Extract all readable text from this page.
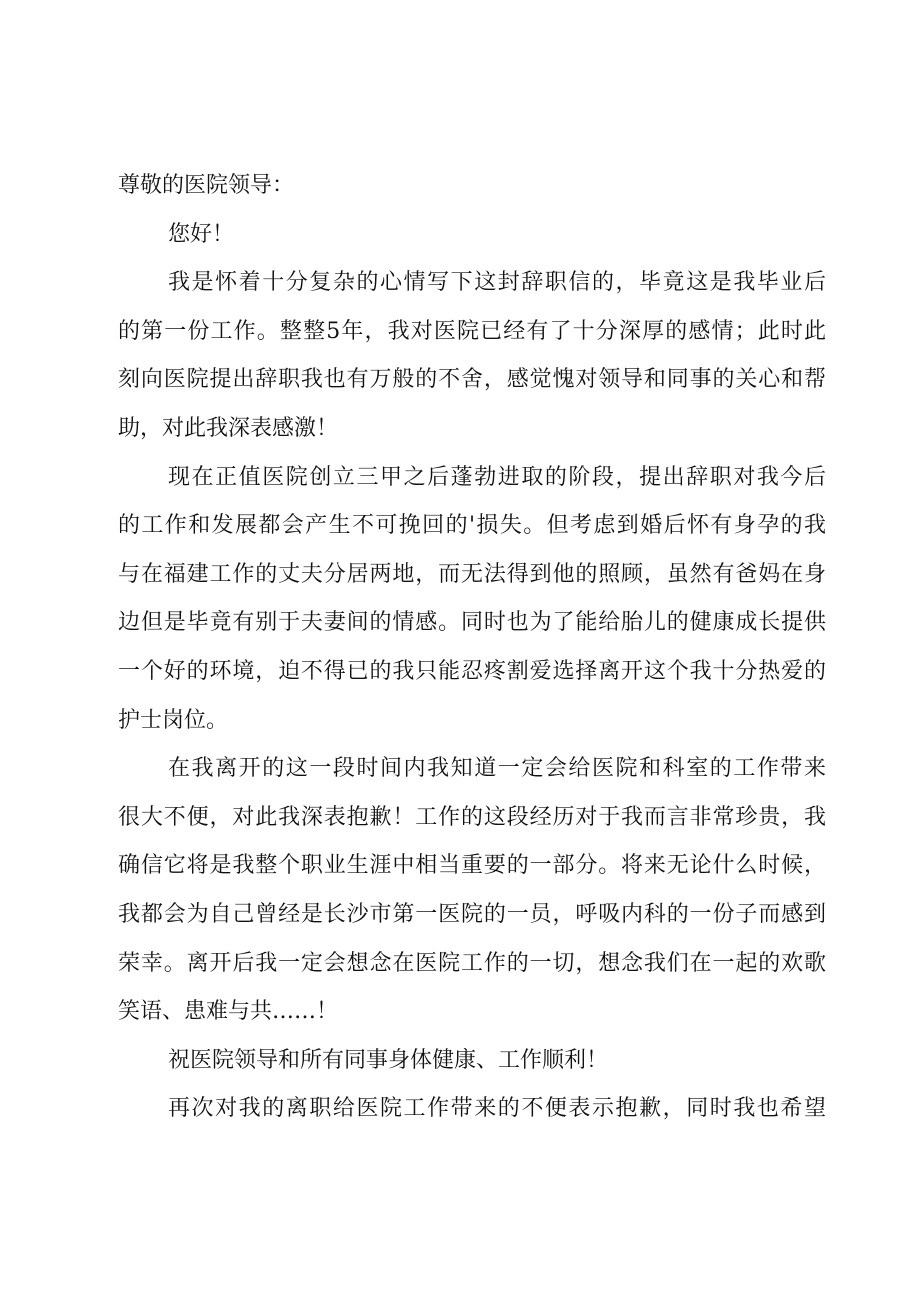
尊敬的医院领导：
您好！
我是怀着十分复杂的心情写下这封辞职信的，毕竟这是我毕业后
的第一份工作。整整5年，我对医院已经有了十分深厚的感情；此时此
刻向医院提出辞职我也有万般的不舍，感觉愧对领导和同事的关心和帮
助，对此我深表感激！
现在正值医院创立三甲之后蓬勃进取的阶段，提出辞职对我今后
的工作和发展都会产生不可挽回的'损失。但考虑到婚后怀有身孕的我
与在福建工作的丈夫分居两地，而无法得到他的照顾，虽然有爸妈在身
边但是毕竟有别于夫妻间的情感。同时也为了能给胎儿的健康成长提供
一个好的环境，迫不得已的我只能忍疼割爱选择离开这个我十分热爱的
护士岗位。
在我离开的这一段时间内我知道一定会给医院和科室的工作带来
很大不便，对此我深表抱歉！工作的这段经历对于我而言非常珍贵，我
确信它将是我整个职业生涯中相当重要的一部分。将来无论什么时候，
我都会为自己曾经是长沙市第一医院的一员，呼吸内科的一份子而感到
荣幸。离开后我一定会想念在医院工作的一切，想念我们在一起的欢歌
笑语、患难与共……！
祝医院领导和所有同事身体健康、工作顺利！
再次对我的离职给医院工作带来的不便表示抱歉，同时我也希望
